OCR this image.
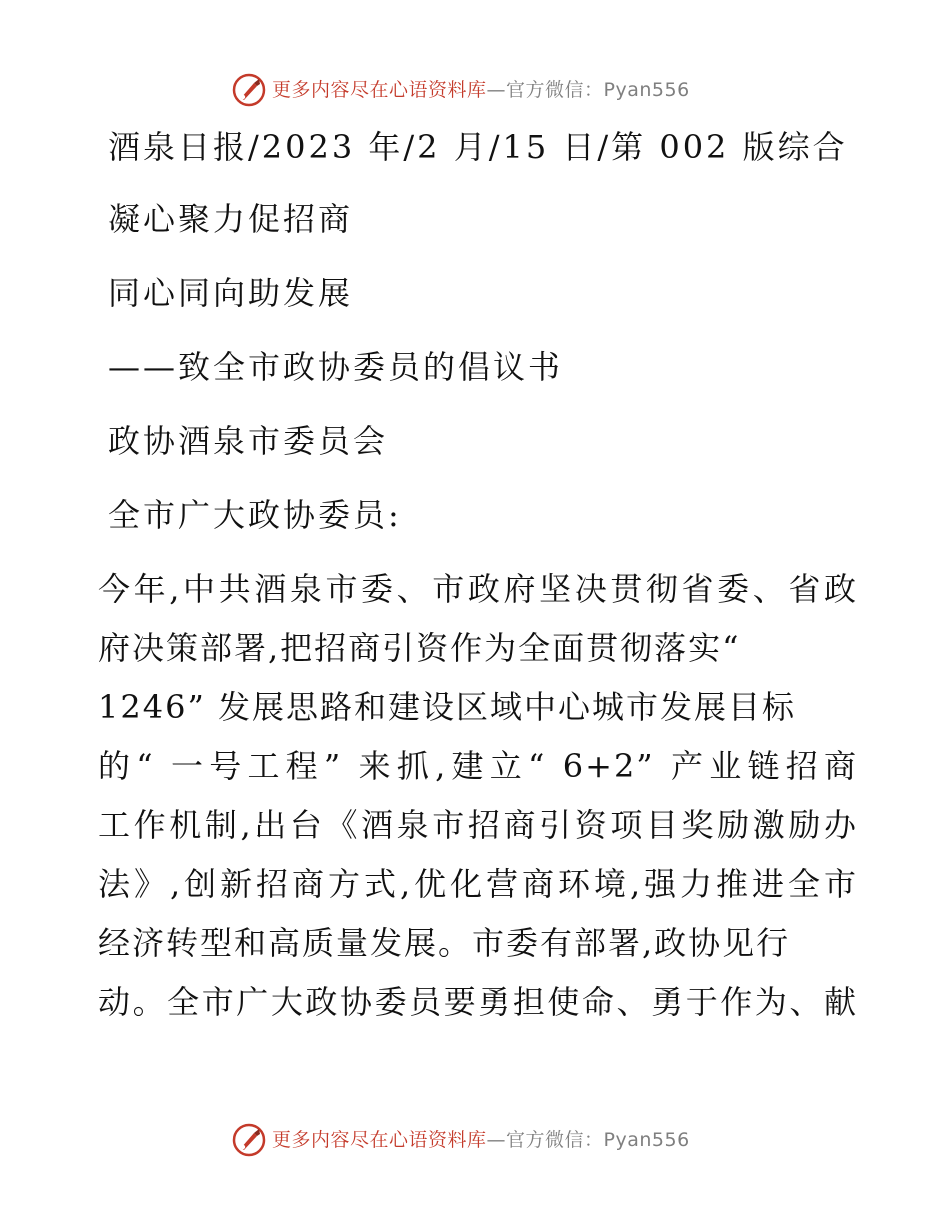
更多内容尽在心语资料库—官方微信：Pyan556
酒泉日报/2023 年/2 月/15 日/第 002 版综合
凝心聚力促招商
同心同向助发展
——致全市政协委员的倡议书
政协酒泉市委员会
全市广大政协委员:
今年,中共酒泉市委、市政府坚决贯彻省委、省政
府决策部署,把招商引资作为全面贯彻落实“
1246” 发展思路和建设区域中心城市发展目标
的“ 一号工程” 来抓,建立“ 6+2” 产业链招商
工作机制,出台《酒泉市招商引资项目奖励激励办
法》,创新招商方式,优化营商环境,强力推进全市
经济转型和高质量发展。市委有部署,政协见行
动。全市广大政协委员要勇担使命、勇于作为、献
更多内容尽在心语资料库—官方微信：Pyan556
